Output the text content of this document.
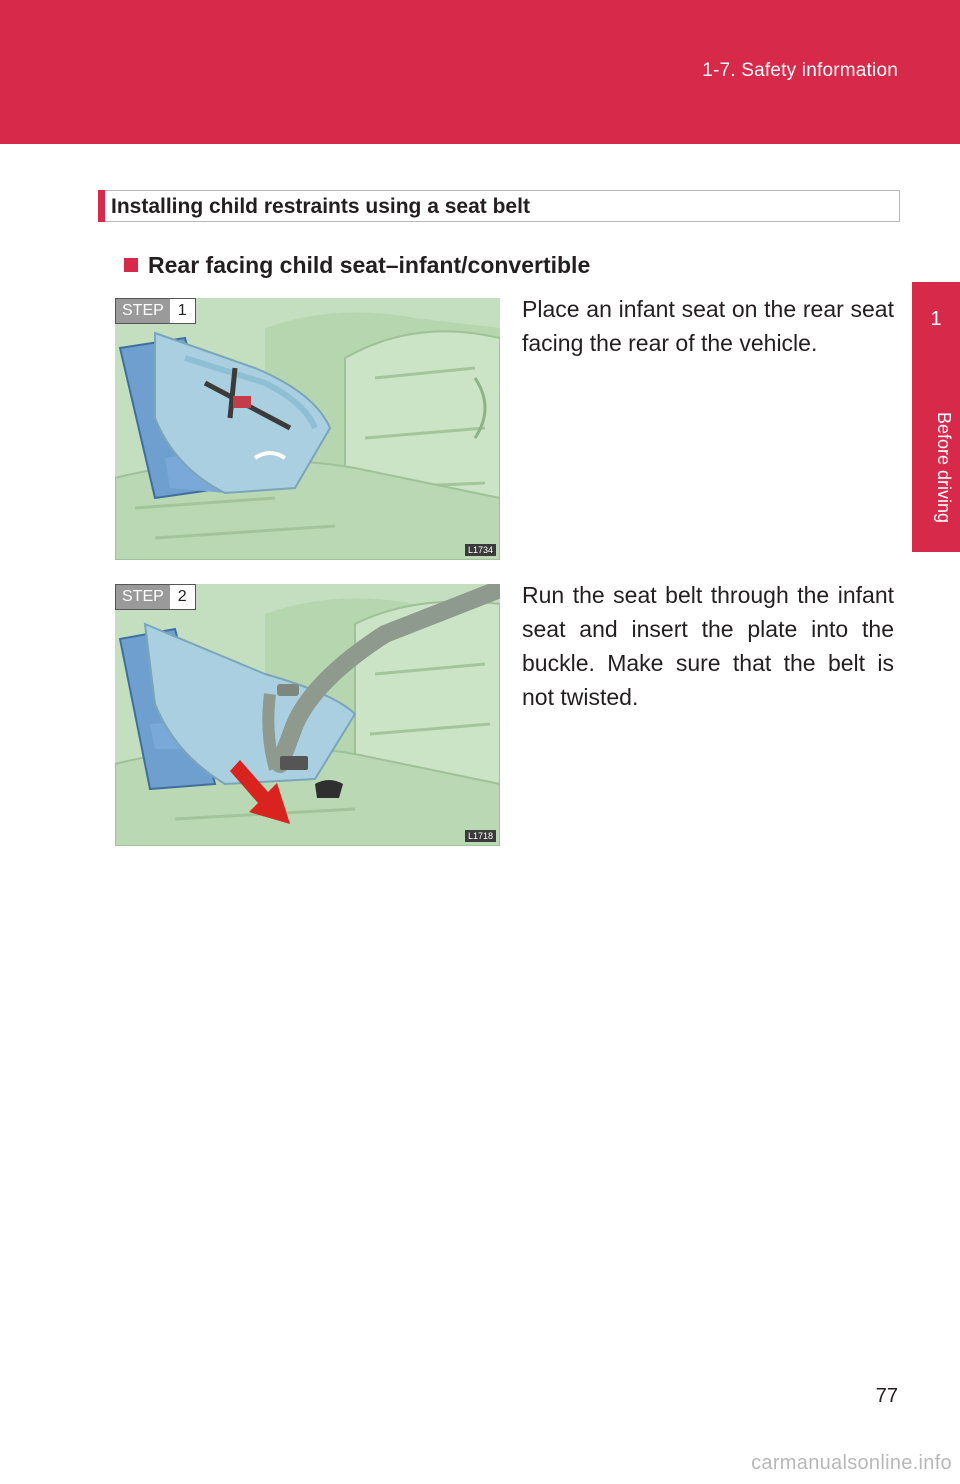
1-7. Safety information
1
Before driving
Installing child restraints using a seat belt
Rear facing child seat–infant/convertible
STEP 1
L1734

Place an infant seat on the rear seat facing the rear of the vehicle.

STEP 2
L1718

Run the seat belt through the infant seat and insert the plate into the buckle. Make sure that the belt is not twisted.

77
carmanualsonline.info
